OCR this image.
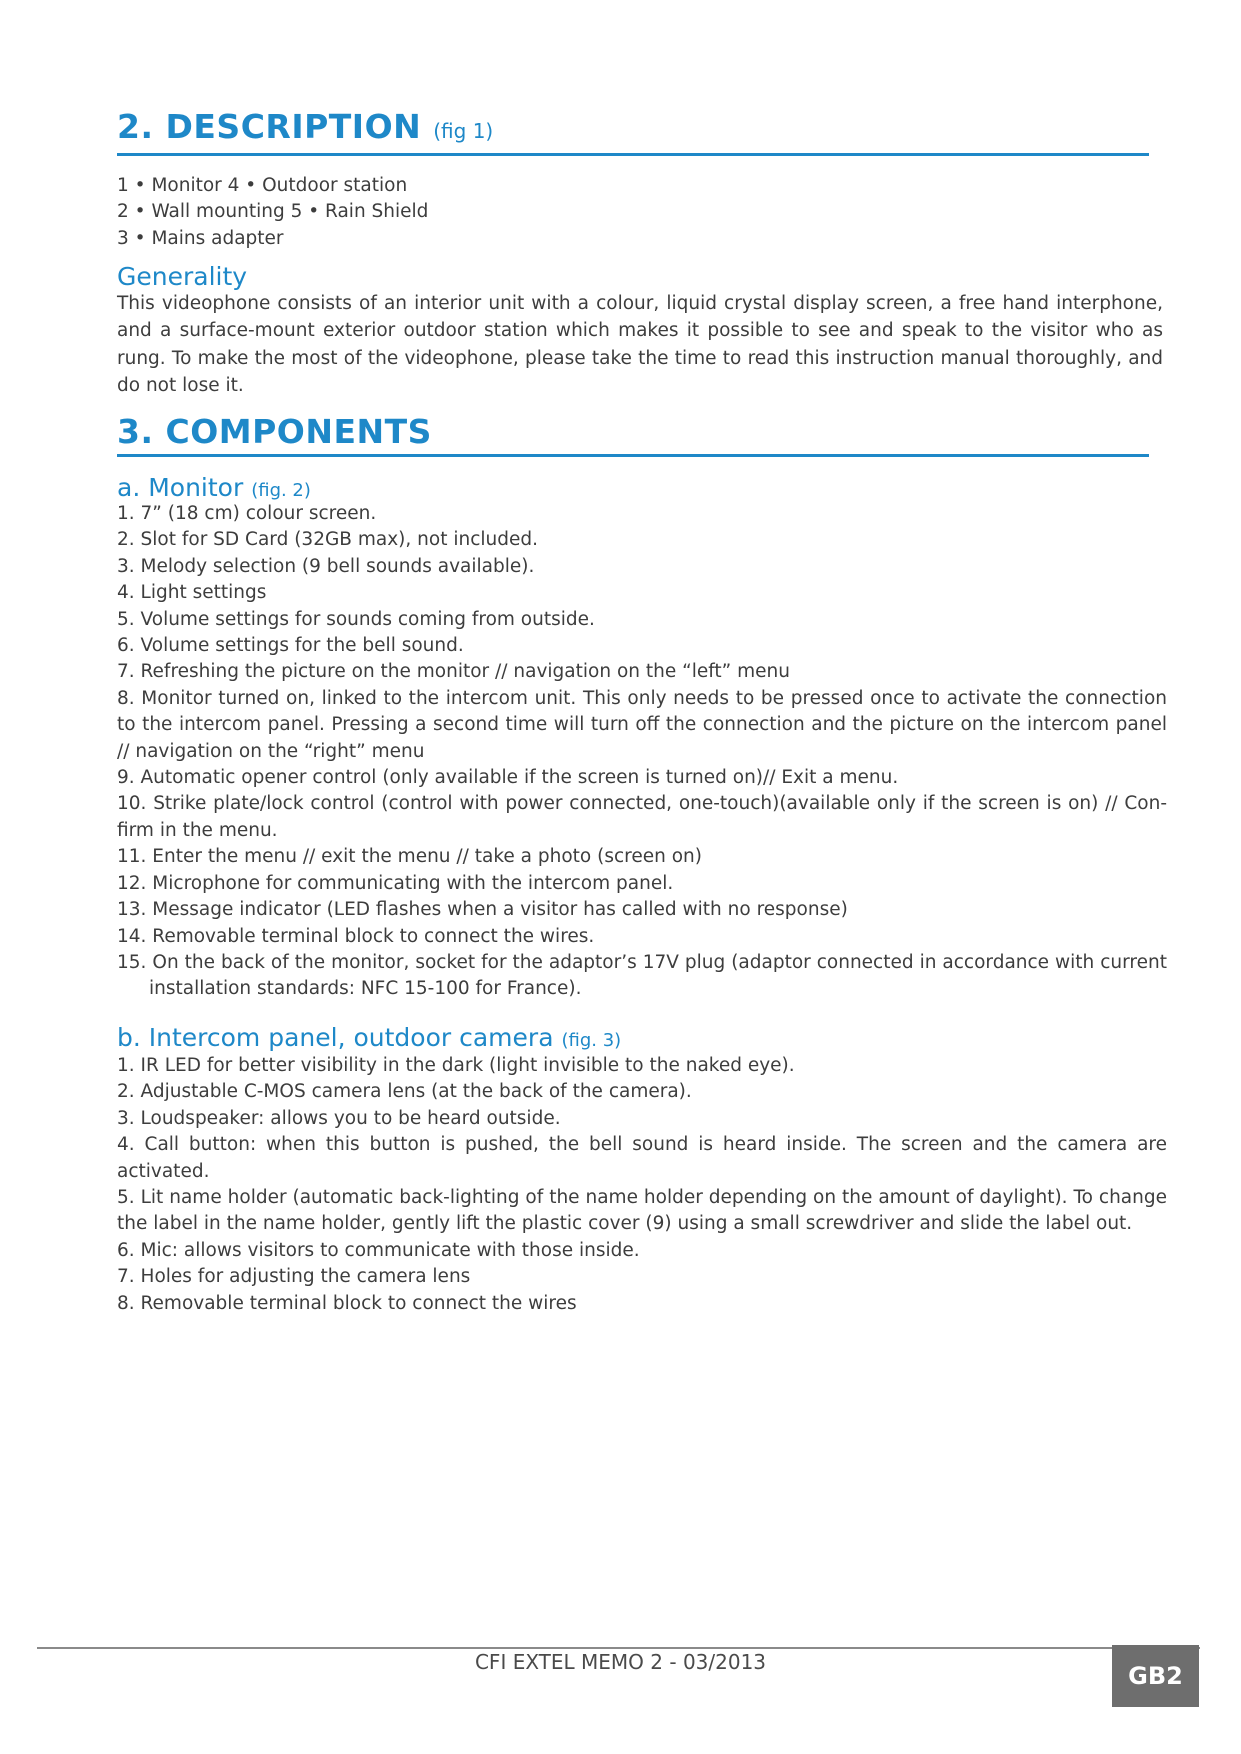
2. DESCRIPTION (fig 1)
1 • Monitor 4 • Outdoor station
2 • Wall mounting 5 • Rain Shield
3 • Mains adapter
Generality

This videophone consists of an interior unit with a colour, liquid crystal display screen, a free hand interphone, and a surface-mount exterior outdoor station which makes it possible to see and speak to the visitor who as rung. To make the most of the videophone, please take the time to read this instruction manual thoroughly, and do not lose it.

3. COMPONENTS
a. Monitor (fig. 2)
1. 7” (18 cm) colour screen.
2. Slot for SD Card (32GB max), not included.
3. Melody selection (9 bell sounds available).
4. Light settings
5. Volume settings for sounds coming from outside.
6. Volume settings for the bell sound.
7. Refreshing the picture on the monitor // navigation on the “left” menu
8. Monitor turned on, linked to the intercom unit. This only needs to be pressed once to activate the connection to the intercom panel. Pressing a second time will turn off the connection and the picture on the intercom panel // navigation on the “right” menu
9. Automatic opener control (only available if the screen is turned on)// Exit a menu.
10. Strike plate/lock control (control with power connected, one-touch)(available only if the screen is on) // Con-firm in the menu.
11. Enter the menu // exit the menu // take a photo (screen on)
12. Microphone for communicating with the intercom panel.
13. Message indicator (LED flashes when a visitor has called with no response)
14. Removable terminal block to connect the wires.
15. On the back of the monitor, socket for the adaptor’s 17V plug (adaptor connected in accordance with current installation standards: NFC 15-100 for France).
b. Intercom panel, outdoor camera (fig. 3)
1. IR LED for better visibility in the dark (light invisible to the naked eye).
2. Adjustable C-MOS camera lens (at the back of the camera).
3. Loudspeaker: allows you to be heard outside.
4. Call button: when this button is pushed, the bell sound is heard inside. The screen and the camera are activated.
5. Lit name holder (automatic back-lighting of the name holder depending on the amount of daylight). To change the label in the name holder, gently lift the plastic cover (9) using a small screwdriver and slide the label out.
6. Mic: allows visitors to communicate with those inside.
7. Holes for adjusting the camera lens
8. Removable terminal block to connect the wires
CFI EXTEL MEMO 2 - 03/2013	GB2
